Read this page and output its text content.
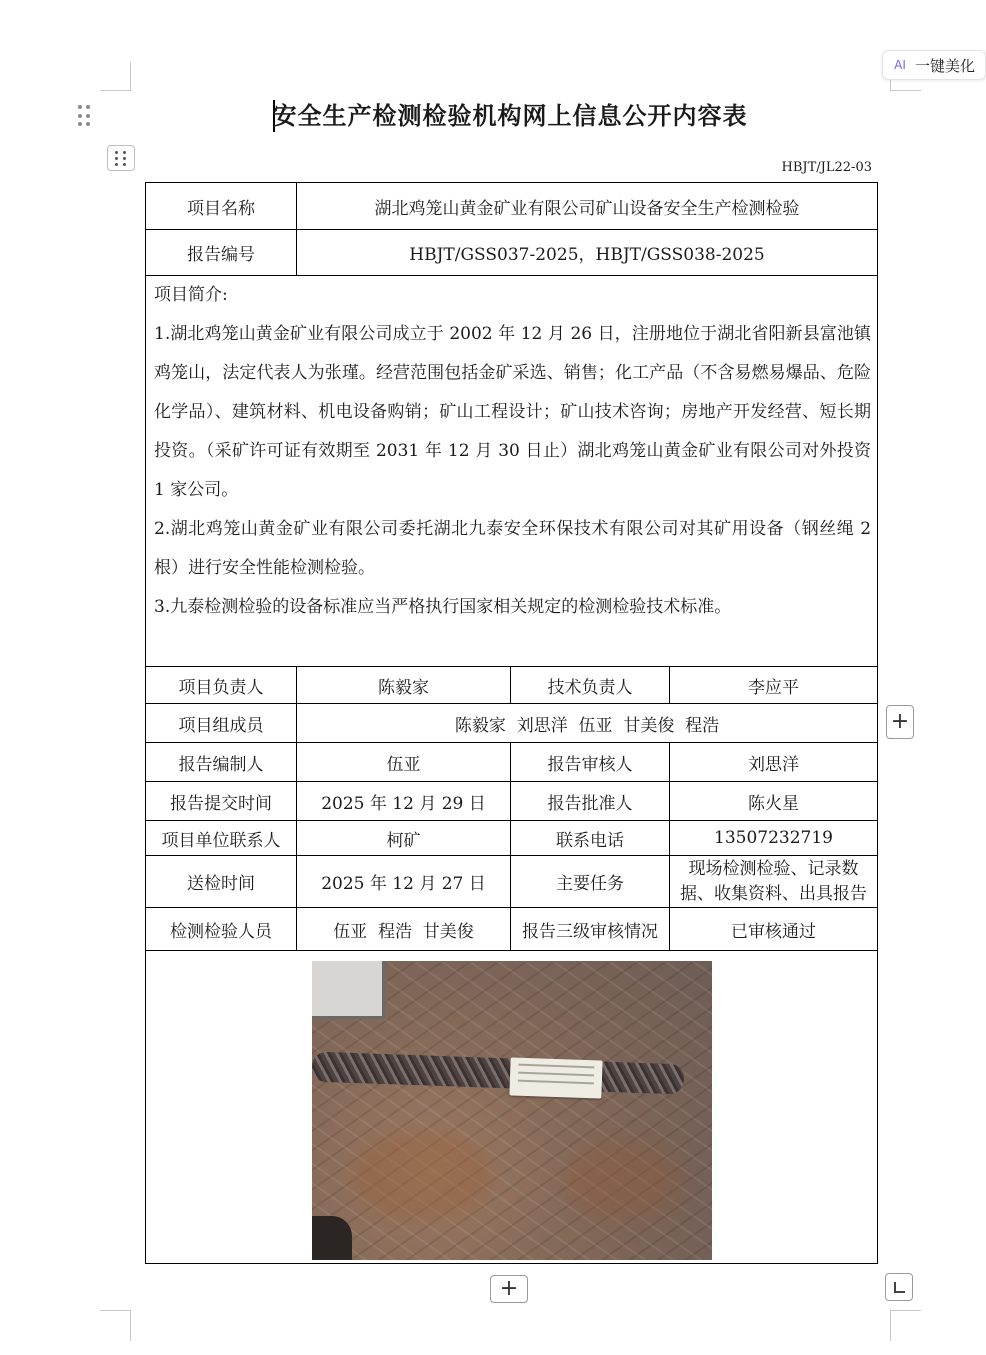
AI 一键美化
安全生产检测检验机构网上信息公开内容表
HBJT/JL22-03
项目名称	湖北鸡笼山黄金矿业有限公司矿山设备安全生产检测检验		
报告编号	HBJT/GSS037-2025，HBJT/GSS038-2025		

项目简介:

1.湖北鸡笼山黄金矿业有限公司成立于 2002 年 12 月 26 日，注册地位于湖北省阳新县富池镇鸡笼山，法定代表人为张瑾。经营范围包括金矿采选、销售；化工产品（不含易燃易爆品、危险化学品）、建筑材料、机电设备购销；矿山工程设计；矿山技术咨询；房地产开发经营、短长期投资。（采矿许可证有效期至 2031 年 12 月 30 日止）湖北鸡笼山黄金矿业有限公司对外投资 1 家公司。

2.湖北鸡笼山黄金矿业有限公司委托湖北九泰安全环保技术有限公司对其矿用设备（钢丝绳 2 根）进行安全性能检测检验。

3.九泰检测检验的设备标准应当严格执行国家相关规定的检测检验技术标准。			

项目负责人	陈毅家	技术负责人	李应平
项目组成员	陈毅家  刘思洋  伍亚  甘美俊  程浩		
报告编制人	伍亚	报告审核人	刘思洋
报告提交时间	2025 年 12 月 29 日	报告批准人	陈火星
项目单位联系人	柯矿	联系电话	13507232719
送检时间	2025 年 12 月 27 日	主要任务	现场检测检验、记录数据、收集资料、出具报告
检测检验人员	伍亚  程浩  甘美俊	报告三级审核情况	已审核通过

+
+
